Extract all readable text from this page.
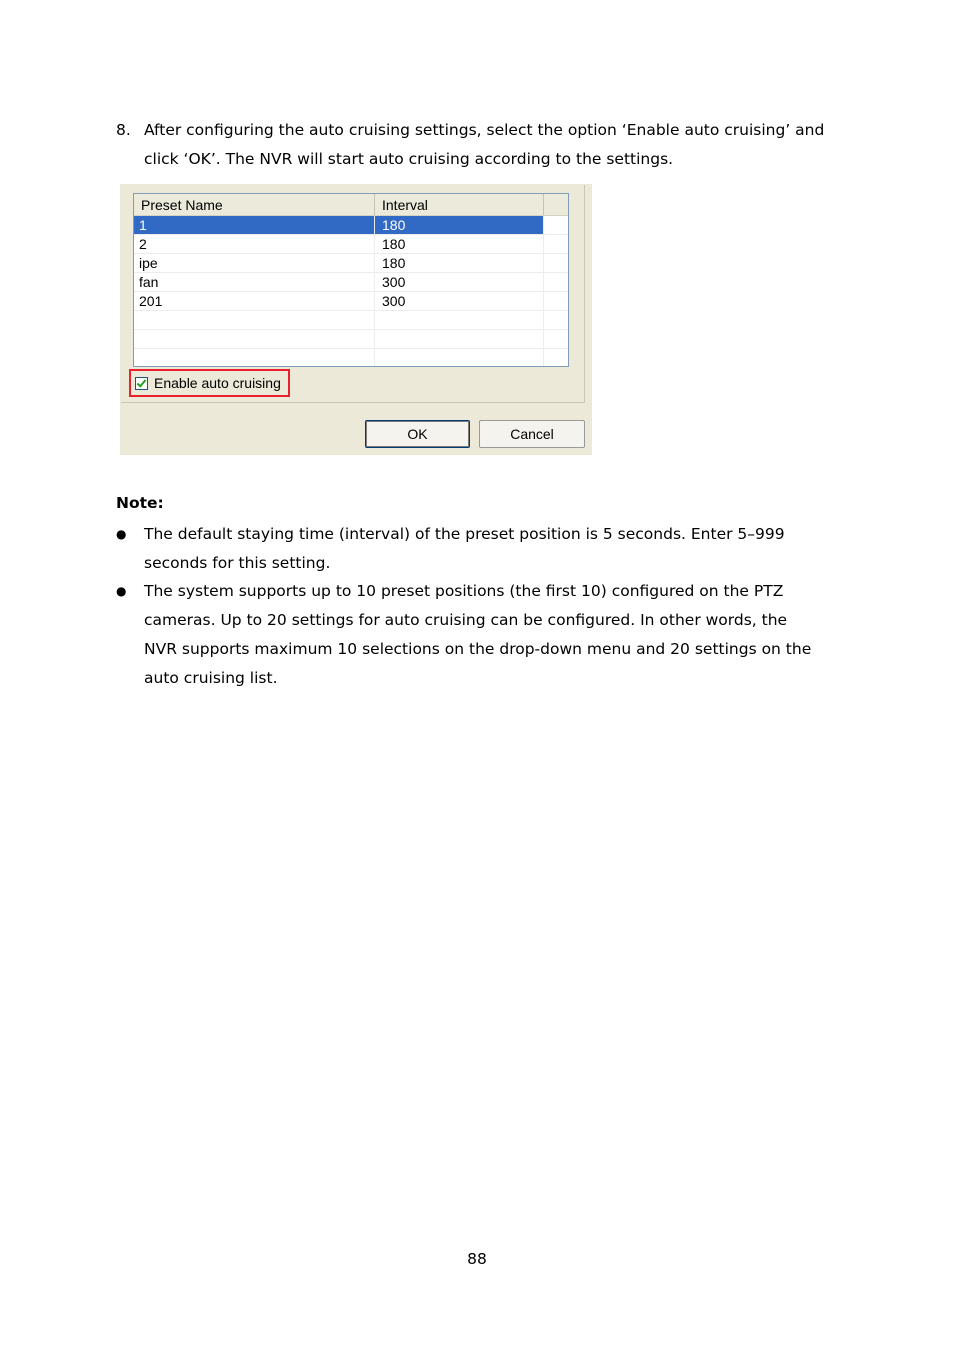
8. After configuring the auto cruising settings, select the option ‘Enable auto cruising’ and
click ‘OK’. The NVR will start auto cruising according to the settings.
Preset Name	Interval
1	180
2	180
ipe	180
fan	300
201	300
Enable auto cruising
OK	Cancel
Note:
● The default staying time (interval) of the preset position is 5 seconds. Enter 5–999
seconds for this setting.
● The system supports up to 10 preset positions (the first 10) configured on the PTZ
cameras. Up to 20 settings for auto cruising can be configured. In other words, the
NVR supports maximum 10 selections on the drop-down menu and 20 settings on the
auto cruising list.
88
